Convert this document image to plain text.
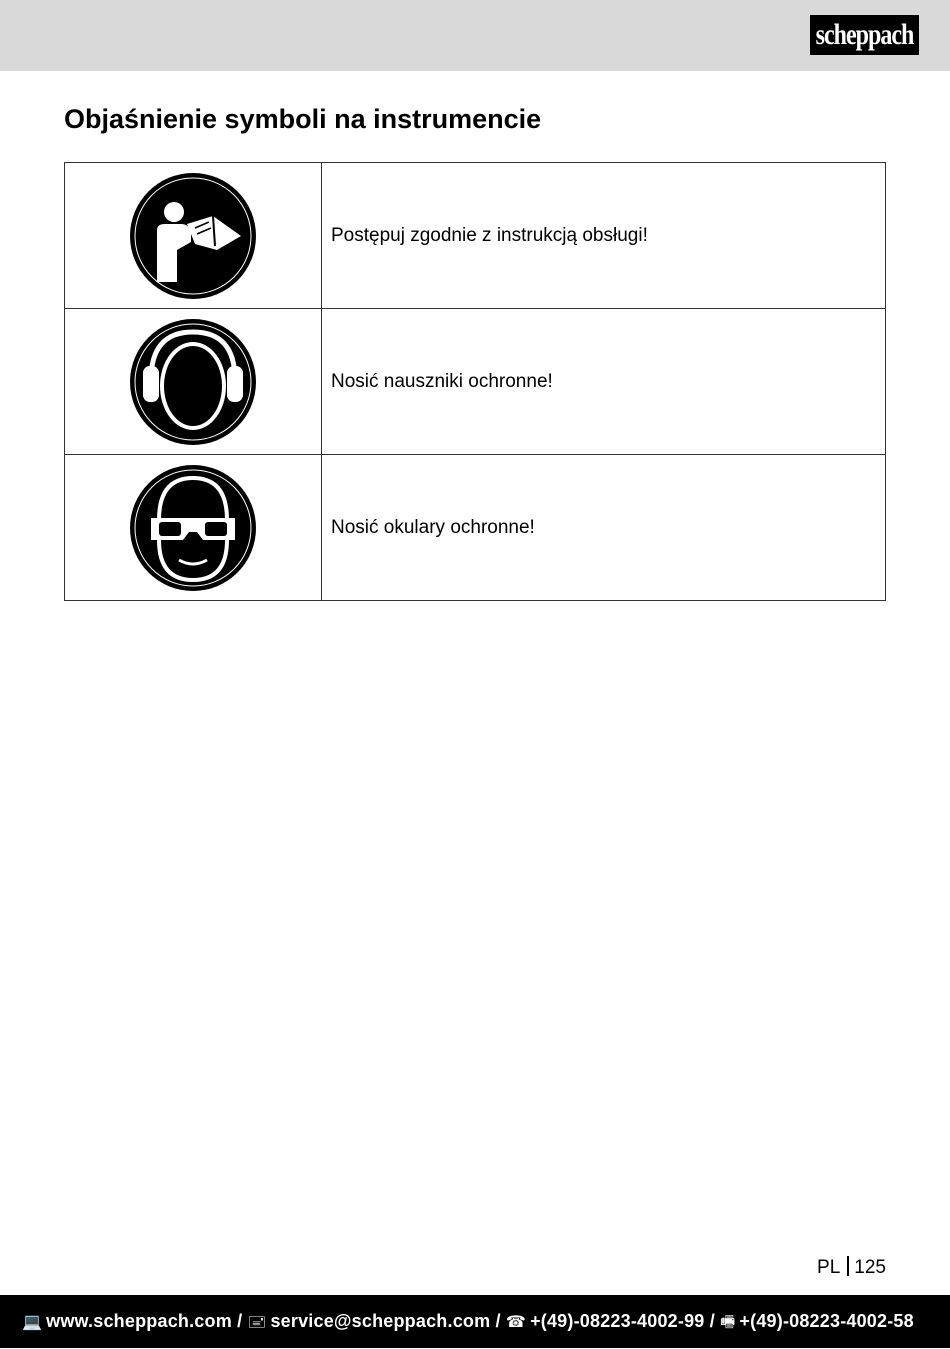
scheppach
Objaśnienie symboli na instrumencie
	Postępuj zgodnie z instrukcją obsługi!

	Nosić nauszniki ochronne!

	Nosić okulary ochronne!
PL 125
💻 www.scheppach.com / 🖃 service@scheppach.com / ☎ +(49)-08223-4002-99 / 🖷 +(49)-08223-4002-58
